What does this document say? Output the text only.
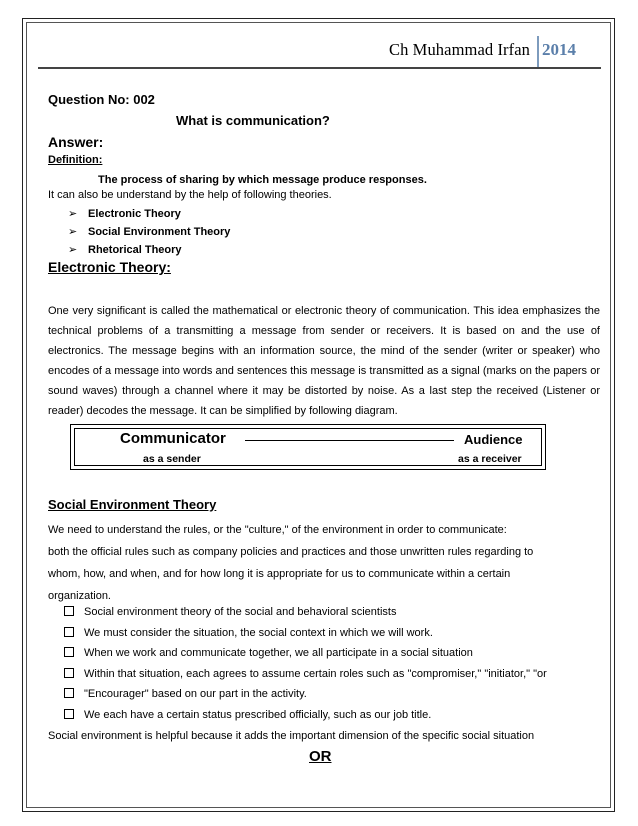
Ch Muhammad Irfan 2014
Question No: 002
What is communication?
Answer:
Definition:
The process of sharing by which message produce responses.
It can also be understand by the help of following theories.
➢ Electronic Theory
➢ Social Environment Theory
➢ Rhetorical Theory
Electronic Theory:
One very significant is called the mathematical or electronic theory of communication. This idea emphasizes the technical problems of a transmitting a message from sender or receivers. It is based on and the use of electronics. The message begins with an information source, the mind of the sender (writer or speaker) who encodes of a message into words and sentences this message is transmitted as a signal (marks on the papers or sound waves) through a channel where it may be distorted by noise. As a last step the received (Listener or reader) decodes the message. It can be simplified by following diagram.
Communicator	Audience
as a sender	as a receiver
Social Environment Theory
We need to understand the rules, or the "culture," of the environment in order to communicate:
both the official rules such as company policies and practices and those unwritten rules regarding to
whom, how, and when, and for how long it is appropriate for us to communicate within a certain
organization.
Social environment theory of the social and behavioral scientists
We must consider the situation, the social context in which we will work.
When we work and communicate together, we all participate in a social situation
Within that situation, each agrees to assume certain roles such as "compromiser," "initiator," "or
"Encourager" based on our part in the activity.
We each have a certain status prescribed officially, such as our job title.
Social environment is helpful because it adds the important dimension of the specific social situation
OR
